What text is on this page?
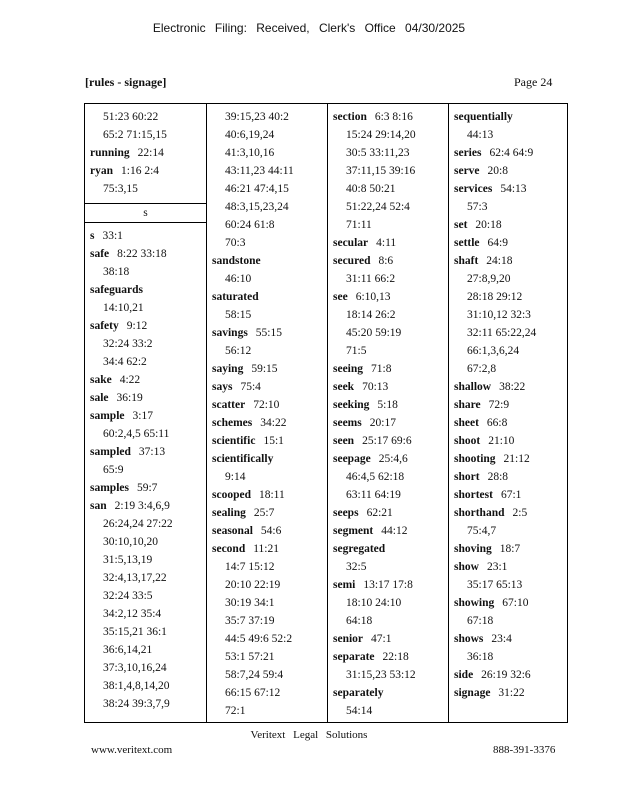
Electronic Filing: Received, Clerk's Office 04/30/2025
[rules - signage]	Page 24
51:23 60:22
65:2 71:15,15
running 22:14
ryan 1:16 2:4
75:3,15
s
s 33:1
safe 8:22 33:18
38:18
safeguards
14:10,21
safety 9:12
32:24 33:2
34:4 62:2
sake 4:22
sale 36:19
sample 3:17
60:2,4,5 65:11
sampled 37:13
65:9
samples 59:7
san 2:19 3:4,6,9
26:24,24 27:22
30:10,10,20
31:5,13,19
32:4,13,17,22
32:24 33:5
34:2,12 35:4
35:15,21 36:1
36:6,14,21
37:3,10,16,24
38:1,4,8,14,20
38:24 39:3,7,9
39:15,23 40:2
40:6,19,24
41:3,10,16
43:11,23 44:11
46:21 47:4,15
48:3,15,23,24
60:24 61:8
70:3
sandstone
46:10
saturated
58:15
savings 55:15
56:12
saying 59:15
says 75:4
scatter 72:10
schemes 34:22
scientific 15:1
scientifically
9:14
scooped 18:11
sealing 25:7
seasonal 54:6
second 11:21
14:7 15:12
20:10 22:19
30:19 34:1
35:7 37:19
44:5 49:6 52:2
53:1 57:21
58:7,24 59:4
66:15 67:12
72:1
section 6:3 8:16
15:24 29:14,20
30:5 33:11,23
37:11,15 39:16
40:8 50:21
51:22,24 52:4
71:11
secular 4:11
secured 8:6
31:11 66:2
see 6:10,13
18:14 26:2
45:20 59:19
71:5
seeing 71:8
seek 70:13
seeking 5:18
seems 20:17
seen 25:17 69:6
seepage 25:4,6
46:4,5 62:18
63:11 64:19
seeps 62:21
segment 44:12
segregated
32:5
semi 13:17 17:8
18:10 24:10
64:18
senior 47:1
separate 22:18
31:15,23 53:12
separately
54:14
sequentially
44:13
series 62:4 64:9
serve 20:8
services 54:13
57:3
set 20:18
settle 64:9
shaft 24:18
27:8,9,20
28:18 29:12
31:10,12 32:3
32:11 65:22,24
66:1,3,6,24
67:2,8
shallow 38:22
share 72:9
sheet 66:8
shoot 21:10
shooting 21:12
short 28:8
shortest 67:1
shorthand 2:5
75:4,7
shoving 18:7
show 23:1
35:17 65:13
showing 67:10
67:18
shows 23:4
36:18
side 26:19 32:6
signage 31:22
Veritext Legal Solutions
www.veritext.com	888-391-3376
